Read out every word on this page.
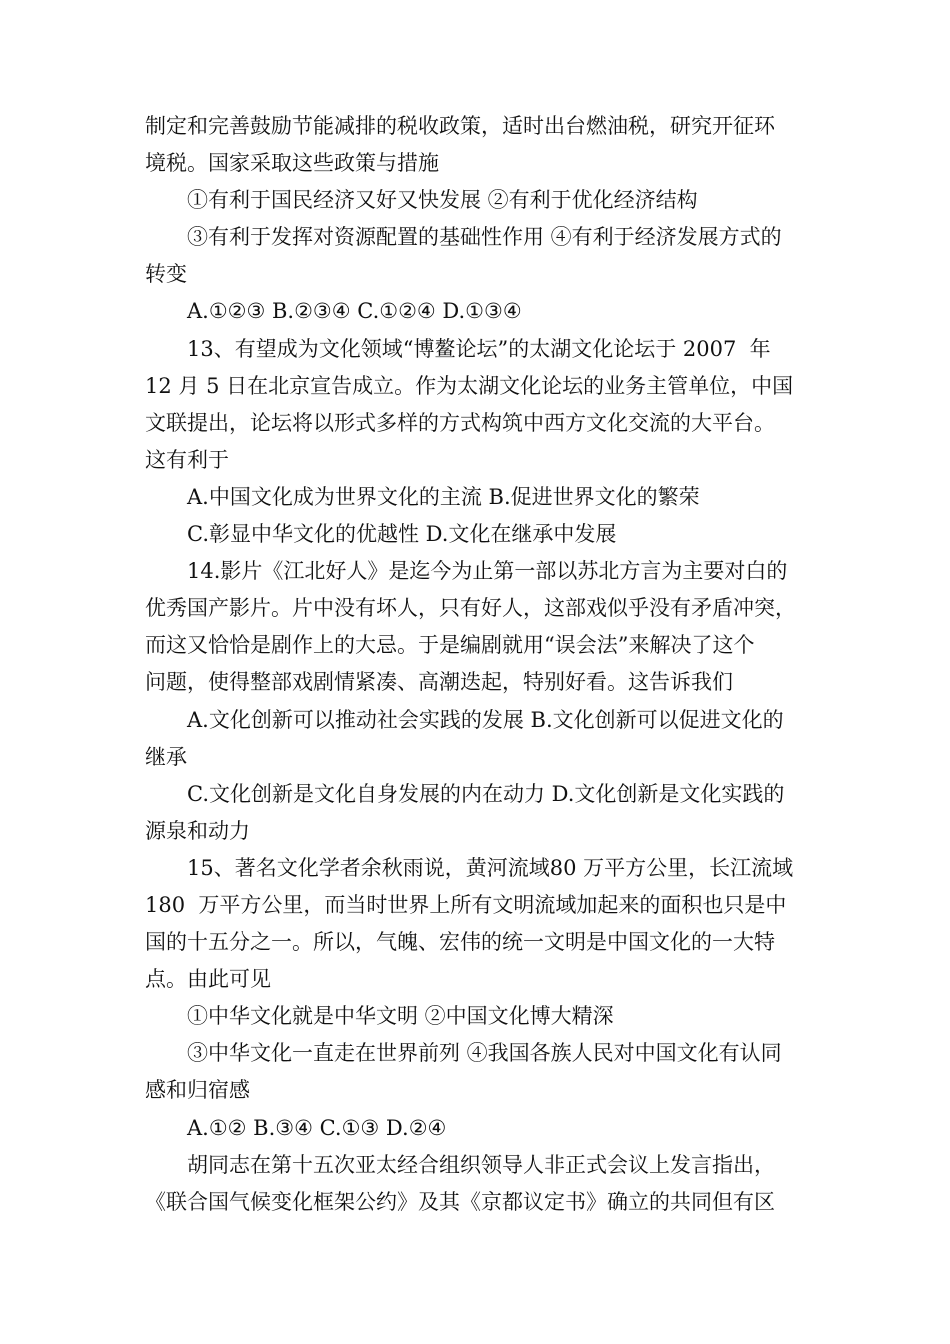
制定和完善鼓励节能减排的税收政策，适时出台燃油税，研究开征环
境税。国家采取这些政策与措施
①有利于国民经济又好又快发展 ②有利于优化经济结构
③有利于发挥对资源配置的基础性作用 ④有利于经济发展方式的
转变
A.①②③ B.②③④ C.①②④ D.①③④
13、有望成为文化领域“博鳌论坛”的太湖文化论坛于 2007  年
12 月 5 日在北京宣告成立。作为太湖文化论坛的业务主管单位，中国
文联提出，论坛将以形式多样的方式构筑中西方文化交流的大平台。
这有利于
A.中国文化成为世界文化的主流 B.促进世界文化的繁荣
C.彰显中华文化的优越性 D.文化在继承中发展
14.影片《江北好人》是迄今为止第一部以苏北方言为主要对白的
优秀国产影片。片中没有坏人，只有好人，这部戏似乎没有矛盾冲突，
而这又恰恰是剧作上的大忌。于是编剧就用“误会法”来解决了这个
问题，使得整部戏剧情紧凑、高潮迭起，特别好看。这告诉我们
A.文化创新可以推动社会实践的发展 B.文化创新可以促进文化的
继承
C.文化创新是文化自身发展的内在动力 D.文化创新是文化实践的
源泉和动力
15、著名文化学者余秋雨说，黄河流域80 万平方公里，长江流域
180  万平方公里，而当时世界上所有文明流域加起来的面积也只是中
国的十五分之一。所以，气魄、宏伟的统一文明是中国文化的一大特
点。由此可见
①中华文化就是中华文明 ②中国文化博大精深
③中华文化一直走在世界前列 ④我国各族人民对中国文化有认同
感和归宿感
A.①② B.③④ C.①③ D.②④
胡同志在第十五次亚太经合组织领导人非正式会议上发言指出，
《联合国气候变化框架公约》及其《京都议定书》确立的共同但有区
